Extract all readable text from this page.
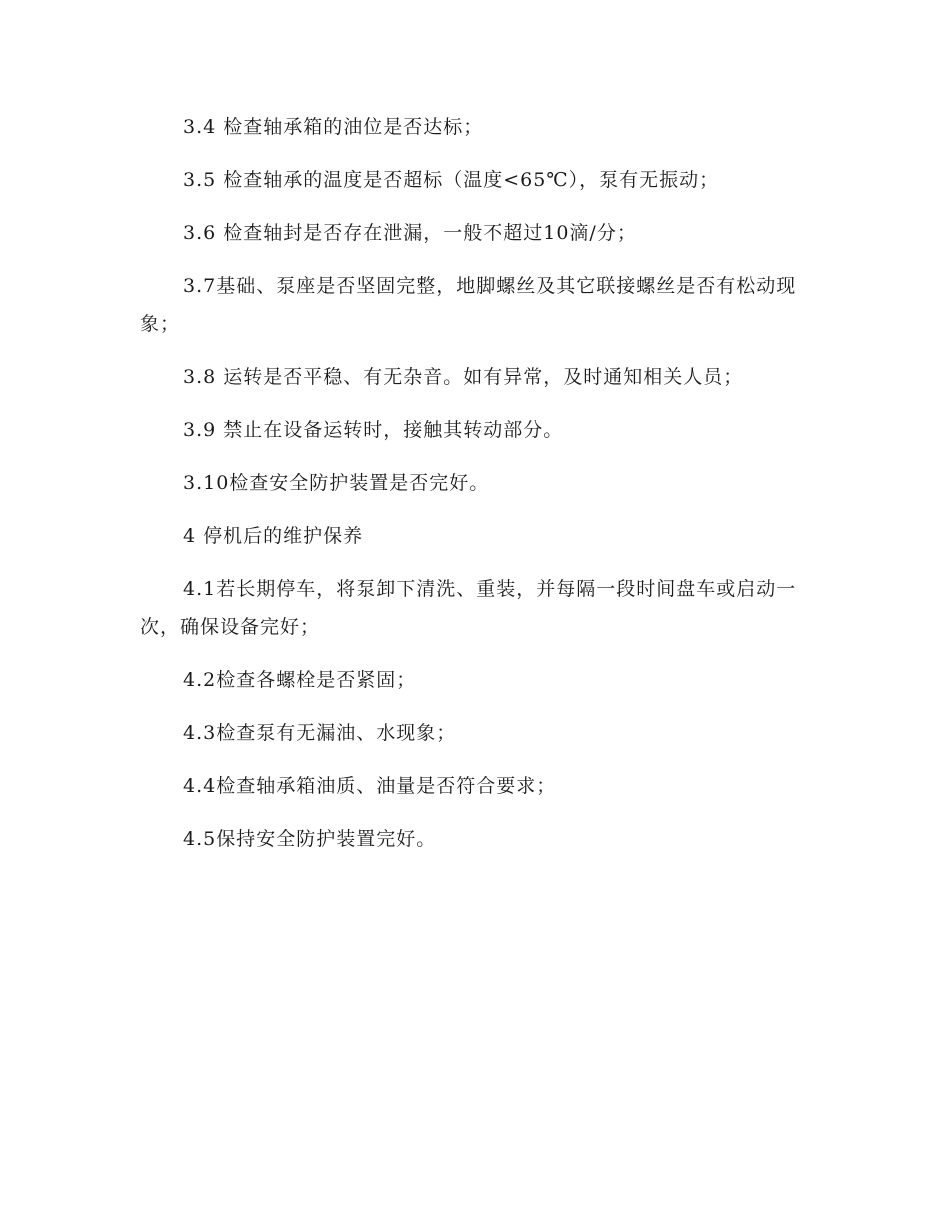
3.4 检查轴承箱的油位是否达标；

3.5 检查轴承的温度是否超标（温度<65℃），泵有无振动；

3.6 检查轴封是否存在泄漏，一般不超过10滴/分；

3.7基础、泵座是否坚固完整，地脚螺丝及其它联接螺丝是否有松动现象；

3.8 运转是否平稳、有无杂音。如有异常，及时通知相关人员；

3.9 禁止在设备运转时，接触其转动部分。

3.10检查安全防护装置是否完好。

4 停机后的维护保养

4.1若长期停车，将泵卸下清洗、重装，并每隔一段时间盘车或启动一次，确保设备完好；

4.2检查各螺栓是否紧固；

4.3检查泵有无漏油、水现象；

4.4检查轴承箱油质、油量是否符合要求；

4.5保持安全防护装置完好。
